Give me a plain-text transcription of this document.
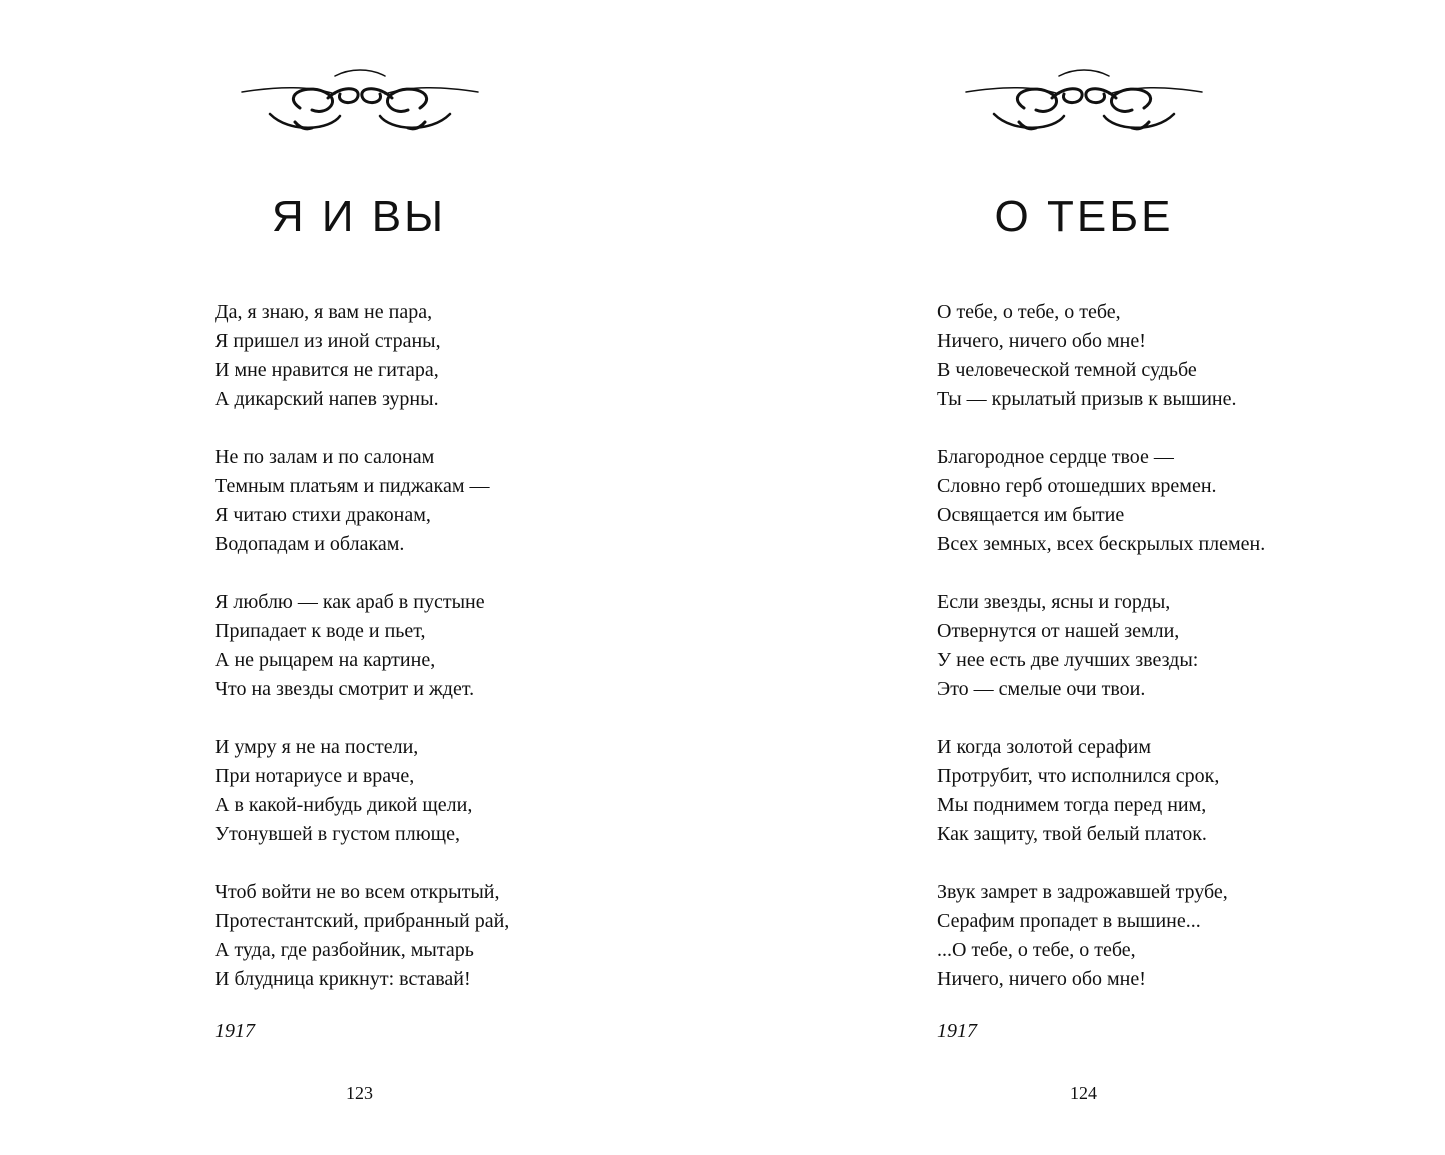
Я И ВЫ

Да, я знаю, я вам не пара,
Я пришел из иной страны,
И мне нравится не гитара,
А дикарский напев зурны.

Не по залам и по салонам
Темным платьям и пиджакам —
Я читаю стихи драконам,
Водопадам и облакам.

Я люблю — как араб в пустыне
Припадает к воде и пьет,
А не рыцарем на картине,
Что на звезды смотрит и ждет.

И умру я не на постели,
При нотариусе и враче,
А в какой-нибудь дикой щели,
Утонувшей в густом плюще,

Чтоб войти не во всем открытый,
Протестантский, прибранный рай,
А туда, где разбойник, мытарь
И блудница крикнут: вставай!

1917
123
О ТЕБЕ

О тебе, о тебе, о тебе,
Ничего, ничего обо мне!
В человеческой темной судьбе
Ты — крылатый призыв к вышине.

Благородное сердце твое —
Словно герб отошедших времен.
Освящается им бытие
Всех земных, всех бескрылых племен.

Если звезды, ясны и горды,
Отвернутся от нашей земли,
У нее есть две лучших звезды:
Это — смелые очи твои.

И когда золотой серафим
Протрубит, что исполнился срок,
Мы поднимем тогда перед ним,
Как защиту, твой белый платок.

Звук замрет в задрожавшей трубе,
Серафим пропадет в вышине...
...О тебе, о тебе, о тебе,
Ничего, ничего обо мне!

1917
124
